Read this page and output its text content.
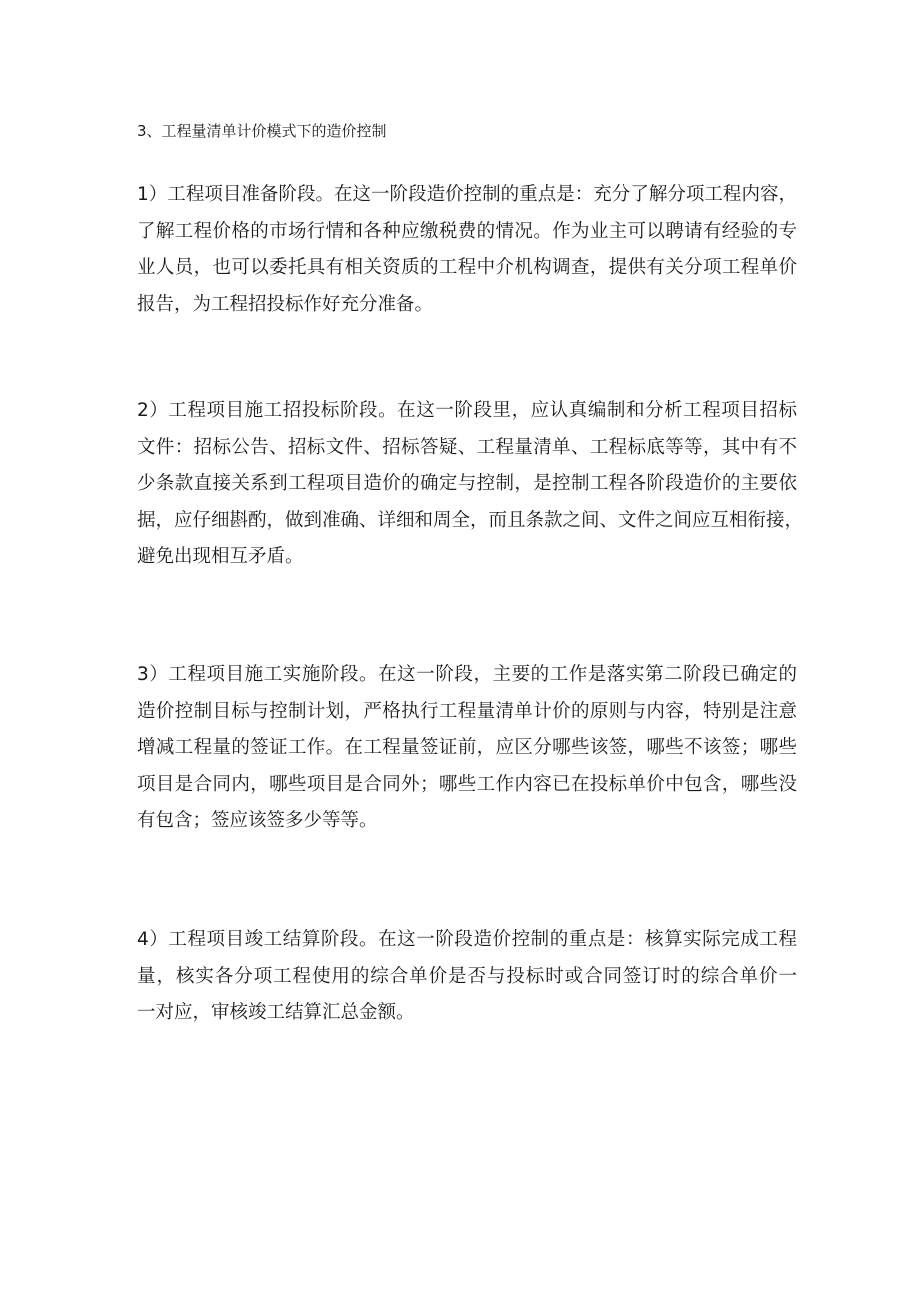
3、工程量清单计价模式下的造价控制
1）工程项目准备阶段。在这一阶段造价控制的重点是：充分了解分项工程内容，
了解工程价格的市场行情和各种应缴税费的情况。作为业主可以聘请有经验的专
业人员，也可以委托具有相关资质的工程中介机构调查，提供有关分项工程单价
报告，为工程招投标作好充分准备。
2）工程项目施工招投标阶段。在这一阶段里，应认真编制和分析工程项目招标
文件：招标公告、招标文件、招标答疑、工程量清单、工程标底等等，其中有不
少条款直接关系到工程项目造价的确定与控制，是控制工程各阶段造价的主要依
据，应仔细斟酌，做到准确、详细和周全，而且条款之间、文件之间应互相衔接，
避免出现相互矛盾。
3）工程项目施工实施阶段。在这一阶段，主要的工作是落实第二阶段已确定的
造价控制目标与控制计划，严格执行工程量清单计价的原则与内容，特别是注意
增减工程量的签证工作。在工程量签证前，应区分哪些该签，哪些不该签；哪些
项目是合同内，哪些项目是合同外；哪些工作内容已在投标单价中包含，哪些没
有包含；签应该签多少等等。
4）工程项目竣工结算阶段。在这一阶段造价控制的重点是：核算实际完成工程
量，核实各分项工程使用的综合单价是否与投标时或合同签订时的综合单价一
一对应，审核竣工结算汇总金额。
